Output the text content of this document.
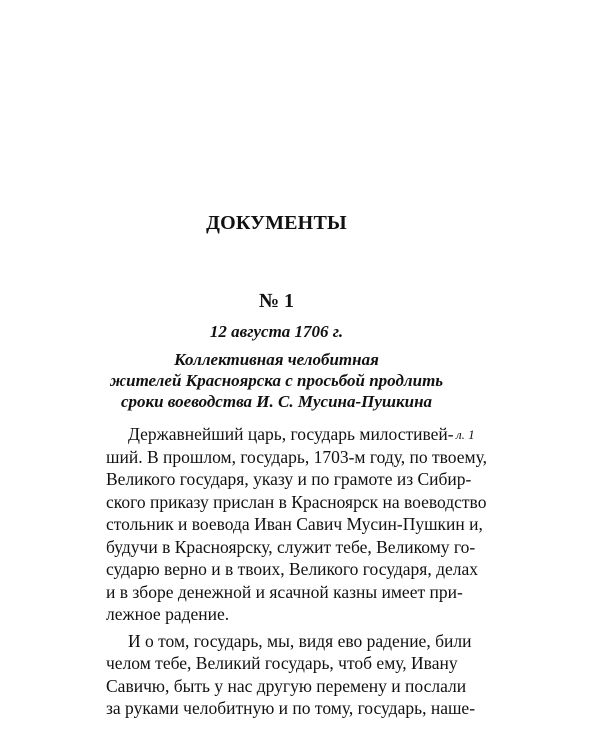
ДОКУМЕНТЫ
№ 1
12 августа 1706 г.
Коллективная челобитная
жителей Красноярска с просьбой продлить
сроки воеводства И. С. Мусина-Пушкина
л. 1
Державнейший царь, государь милостивей-
ший. В прошлом, государь, 1703-м году, по твоему,
Великого государя, указу и по грамоте из Сибир-
ского приказу прислан в Красноярск на воеводство
стольник и воевода Иван Савич Мусин-Пушкин и,
будучи в Красноярску, служит тебе, Великому го-
сударю верно и в твоих, Великого государя, делах
и в зборе денежной и ясачной казны имеет при-
лежное радение.
И о том, государь, мы, видя ево радение, били
челом тебе, Великий государь, чтоб ему, Ивану
Савичю, быть у нас другую перемену и послали
за руками челобитную и по тому, государь, наше-
